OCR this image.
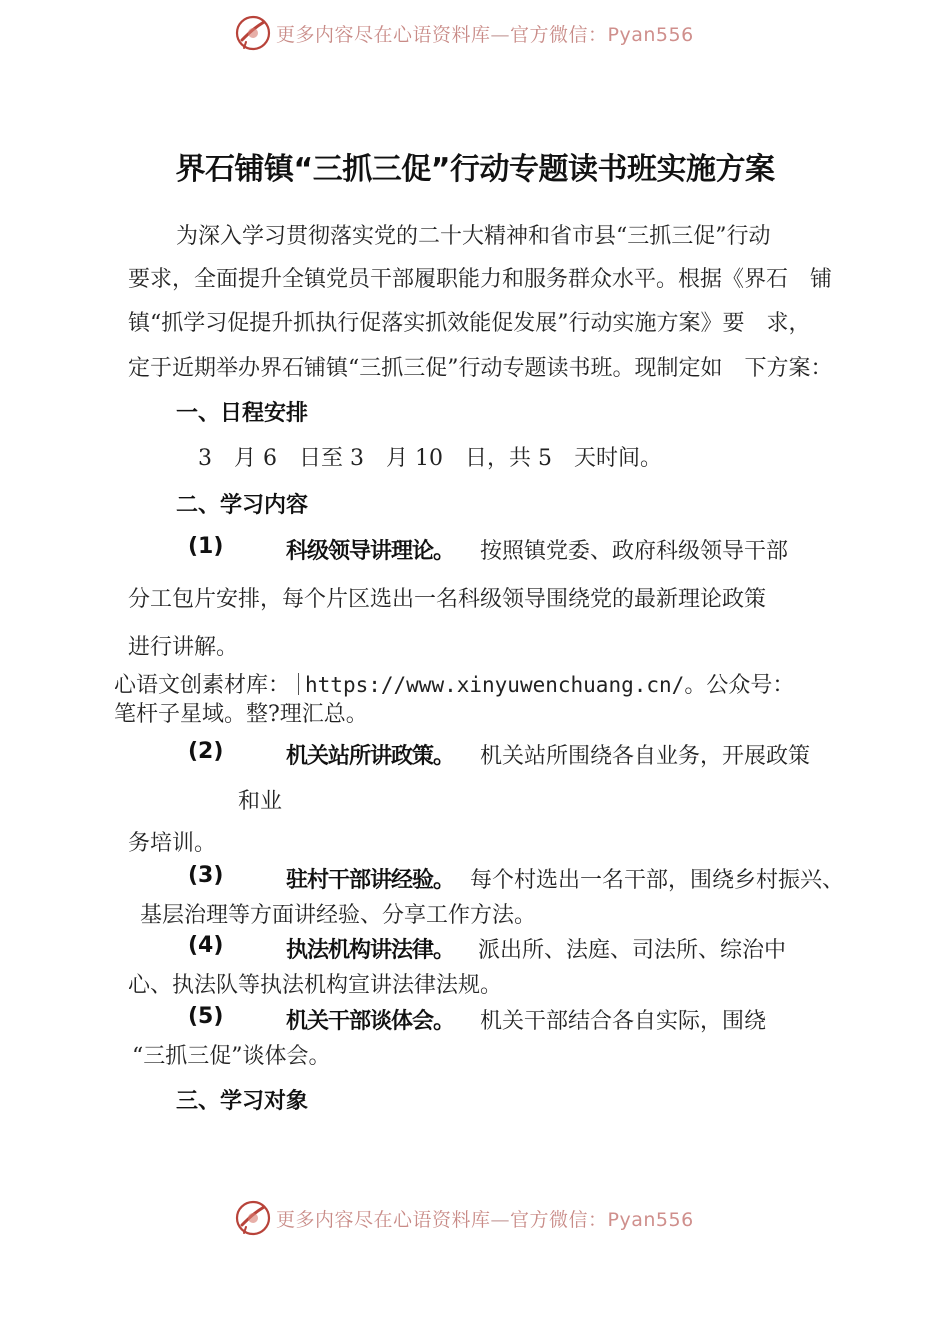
更多内容尽在心语资料库—官方微信：Pyan556
界石铺镇“三抓三促”行动专题读书班实施方案
为深入学习贯彻落实党的二十大精神和省市县“三抓三促”行动
要求，全面提升全镇党员干部履职能力和服务群众水平。根据《界石　铺
镇“抓学习促提升抓执行促落实抓效能促发展”行动实施方案》要　求，
定于近期举办界石铺镇“三抓三促”行动专题读书班。现制定如　下方案：
一、日程安排
3　月 6　日至 3　月 10　日，共 5　天时间。
二、学习内容
(1)	科级领导讲理论。 按照镇党委、政府科级领导干部
分工包片安排，每个片区选出一名科级领导围绕党的最新理论政策
进行讲解。
心语文创素材库： https://www.xinyuwenchuang.cn/。公众号：
笔杆子星域。整?理汇总。
(2)	机关站所讲政策。 机关站所围绕各自业务，开展政策
和业
务培训。
(3)	驻村干部讲经验。 每个村选出一名干部，围绕乡村振兴、
基层治理等方面讲经验、分享工作方法。
(4)	执法机构讲法律。 派出所、法庭、司法所、综治中
心、执法队等执法机构宣讲法律法规。
(5)	机关干部谈体会。 机关干部结合各自实际，围绕
“三抓三促”谈体会。
三、学习对象
更多内容尽在心语资料库—官方微信：Pyan556
